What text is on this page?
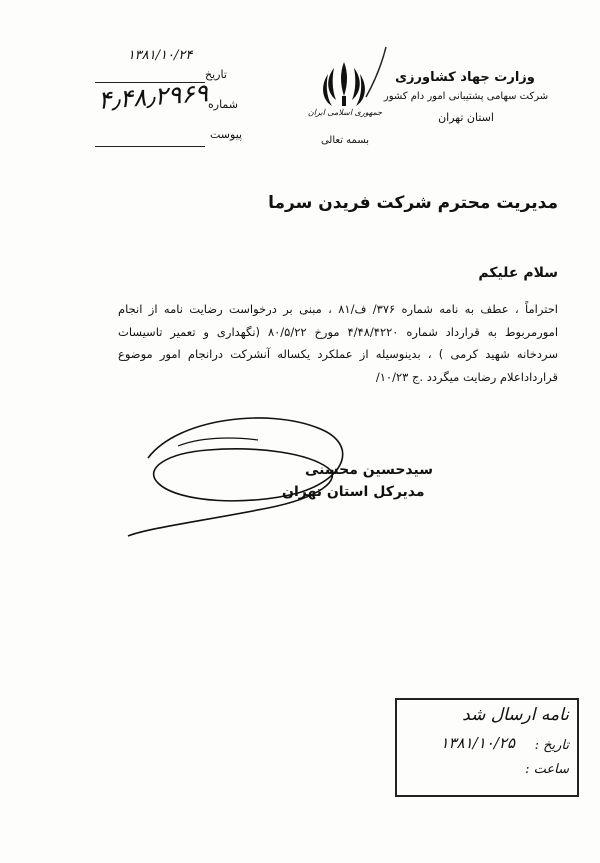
وزارت جهاد کشاورزی
شرکت سهامی پشتیبانی امور دام کشور
استان تهران
جمهوری اسلامی ایران
بسمه تعالی
تاریخ
۱۳۸۱/۱۰/۲۴
شماره
۴٫۴۸٫۲۹۶۹
پیوست
مدیریت محترم شرکت فریدن سرما
سلام علیکم
احتراماً ، عطف به نامه شماره ۳۷۶/ ف/۸۱ ، مبنی بر درخواست رضایت نامه از انجام امورمربوط به قرارداد شماره ۴/۴۸/۴۲۲۰ مورخ ۸۰/۵/۲۲ (نگهداری و تعمیر تاسیسات سردخانه شهید کرمی ) ، بدینوسیله از عملکرد یکساله آنشرکت درانجام امور موضوع قرارداداعلام رضایت میگردد .ج ۱۰/۲۳/
سیدحسین محسنی
مدیرکل استان تهران
نامه ارسال شد
تاریخ :
۱۳۸۱/۱۰/۲۵
ساعت :
